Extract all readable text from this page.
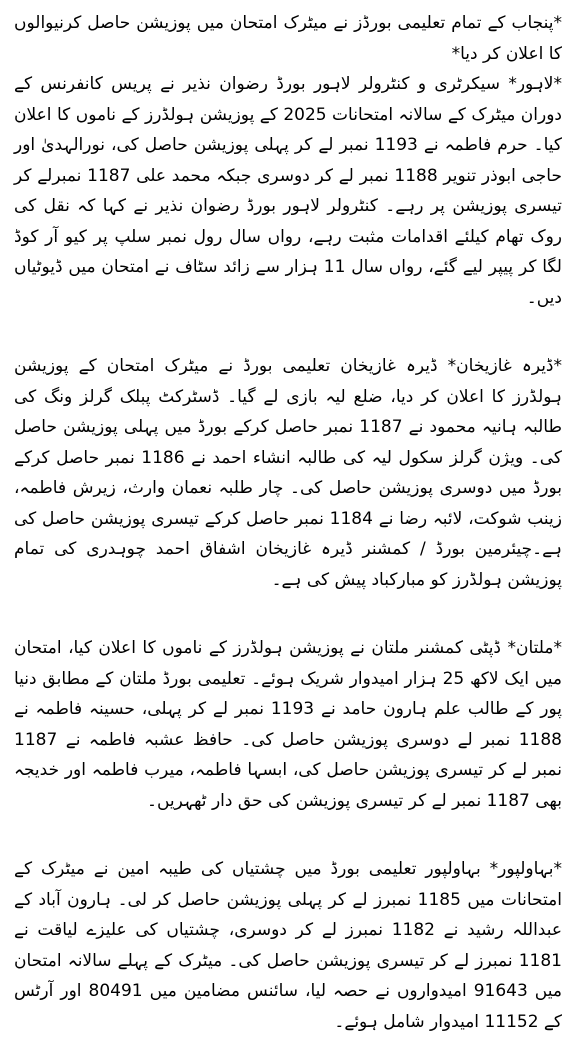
*پنجاب کے تمام تعلیمی بورڈز نے میٹرک امتحان میں پوزیشن حاصل کرنیوالوں کا اعلان کر دیا*

*لاہور* سیکرٹری و کنٹرولر لاہور بورڈ رضوان نذیر نے پریس کانفرنس کے دوران میٹرک کے سالانہ امتحانات 2025 کے پوزیشن ہولڈرز کے ناموں کا اعلان کیا۔ حرم فاطمہ نے 1193 نمبر لے کر پہلی پوزیشن حاصل کی، نورالہدیٰ اور حاجی ابوذر تنویر 1188 نمبر لے کر دوسری جبکہ محمد علی 1187 نمبرلے کر تیسری پوزیشن پر رہے۔ کنٹرولر لاہور بورڈ رضوان نذیر نے کہا کہ نقل کی روک تھام کیلئے اقدامات مثبت رہے، رواں سال رول نمبر سلپ پر کیو آر کوڈ لگا کر پیپر لیے گئے، رواں سال 11 ہزار سے زائد سٹاف نے امتحان میں ڈیوٹیاں دیں۔

*ڈیرہ غازیخان* ڈیرہ غازیخان تعلیمی بورڈ نے میٹرک امتحان کے پوزیشن ہولڈرز کا اعلان کر دیا، ضلع لیہ بازی لے گیا۔ ڈسٹرکٹ پبلک گرلز ونگ کی طالبہ ہانیہ محمود نے 1187 نمبر حاصل کرکے بورڈ میں پہلی پوزیشن حاصل کی۔ ویژن گرلز سکول لیہ کی طالبہ انشاء احمد نے 1186 نمبر حاصل کرکے بورڈ میں دوسری پوزیشن حاصل کی۔ چار طلبہ نعمان وارث، زیرش فاطمہ، زینب شوکت، لائبہ رضا نے 1184 نمبر حاصل کرکے تیسری پوزیشن حاصل کی ہے۔چیئرمین بورڈ / کمشنر ڈیرہ غازیخان اشفاق احمد چوہدری کی تمام پوزیشن ہولڈرز کو مبارکباد پیش کی ہے۔

*ملتان* ڈپٹی کمشنر ملتان نے پوزیشن ہولڈرز کے ناموں کا اعلان کیا، امتحان میں ایک لاکھ 25 ہزار امیدوار شریک ہوئے۔ تعلیمی بورڈ ملتان کے مطابق دنیا پور کے طالب علم ہارون حامد نے 1193 نمبر لے کر پہلی، حسینہ فاطمہ نے 1188 نمبر لے دوسری پوزیشن حاصل کی۔ حافظ عشبہ فاطمہ نے 1187 نمبر لے کر تیسری پوزیشن حاصل کی، ابسہا فاطمہ، میرب فاطمہ اور خدیجہ بھی 1187 نمبر لے کر تیسری پوزیشن کی حق دار ٹھہریں۔

*بہاولپور* بہاولپور تعلیمی بورڈ میں چشتیاں کی طیبہ امین نے میٹرک کے امتحانات میں 1185 نمبرز لے کر پہلی پوزیشن حاصل کر لی۔ ہارون آباد کے عبداللہ رشید نے 1182 نمبرز لے کر دوسری، چشتیاں کی علیزے لیاقت نے 1181 نمبرز لے کر تیسری پوزیشن حاصل کی۔ میٹرک کے پہلے سالانہ امتحان میں 91643 امیدواروں نے حصہ لیا، سائنس مضامین میں 80491 اور آرٹس کے 11152 امیدوار شامل ہوئے۔
